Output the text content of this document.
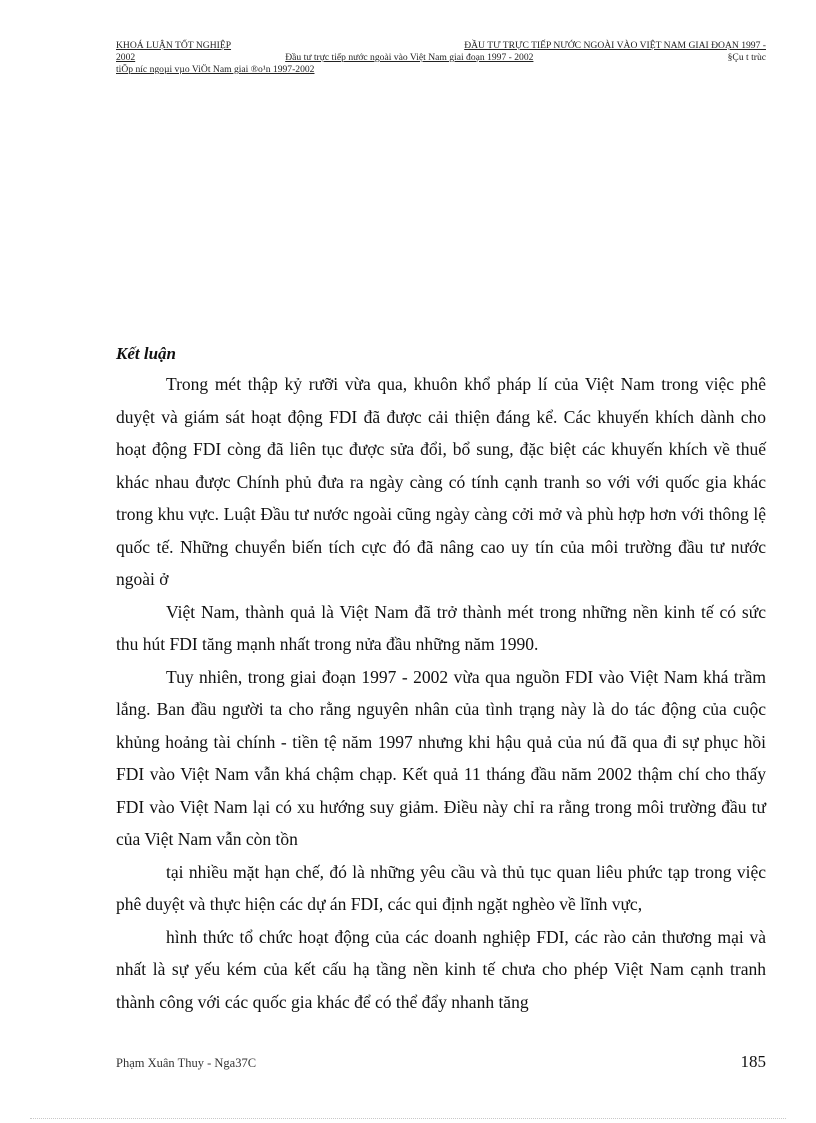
KHOÁ LUẬN TỐT NGHIỆP	ĐẦU TƯ TRỰC TIẾP NƯỚC NGOÀI VÀO VIỆT NAM GIAI ĐOẠN 1997 -
2002	Đầu tư trực tiếp nước ngoài vào Việt Nam giai đoạn 1997 - 2002	§Çu t trùc
tiÕp níc ngoµi vµo ViÖt Nam giai ®o¹n 1997-2002

Kết luận

Trong mét thập kỷ rưỡi vừa qua, khuôn khổ pháp lí của Việt Nam trong việc phê duyệt và giám sát hoạt động FDI đã được cải thiện đáng kể. Các khuyến khích dành cho hoạt động FDI còng đã liên tục được sửa đổi, bổ sung, đặc biệt các khuyến khích về thuế khác nhau được Chính phủ đưa ra ngày càng có tính cạnh tranh so với với quốc gia khác trong khu vực. Luật Đầu tư nước ngoài cũng ngày càng cởi mở và phù hợp hơn với thông lệ quốc tế. Những chuyển biến tích cực đó đã nâng cao uy tín của môi trường đầu tư nước ngoài ở

Việt Nam, thành quả là Việt Nam đã trở thành mét trong những nền kinh tế có sức thu hút FDI tăng mạnh nhất trong nửa đầu những năm 1990.

Tuy nhiên, trong giai đoạn 1997 - 2002 vừa qua nguồn FDI vào Việt Nam khá trầm lắng. Ban đầu người ta cho rằng nguyên nhân của tình trạng này là do tác động của cuộc khủng hoảng tài chính - tiền tệ năm 1997 nhưng khi hậu quả của nú đã qua đi sự phục hồi FDI vào Việt Nam vẫn khá chậm chạp. Kết quả 11 tháng đầu năm 2002 thậm chí cho thấy FDI vào Việt Nam lại có xu hướng suy giảm. Điều này chỉ ra rằng trong môi trường đầu tư của Việt Nam vẫn còn tồn

tại nhiều mặt hạn chế, đó là những yêu cầu và thủ tục quan liêu phức tạp trong việc phê duyệt và thực hiện các dự án FDI, các qui định ngặt nghèo về lĩnh vực,

hình thức tổ chức hoạt động của các doanh nghiệp FDI, các rào cản thương mại và nhất là sự yếu kém của kết cấu hạ tầng nền kinh tế chưa cho phép Việt Nam cạnh tranh thành công với các quốc gia khác để có thể đẩy nhanh tăng

Phạm Xuân Thuy - Nga37C	185
